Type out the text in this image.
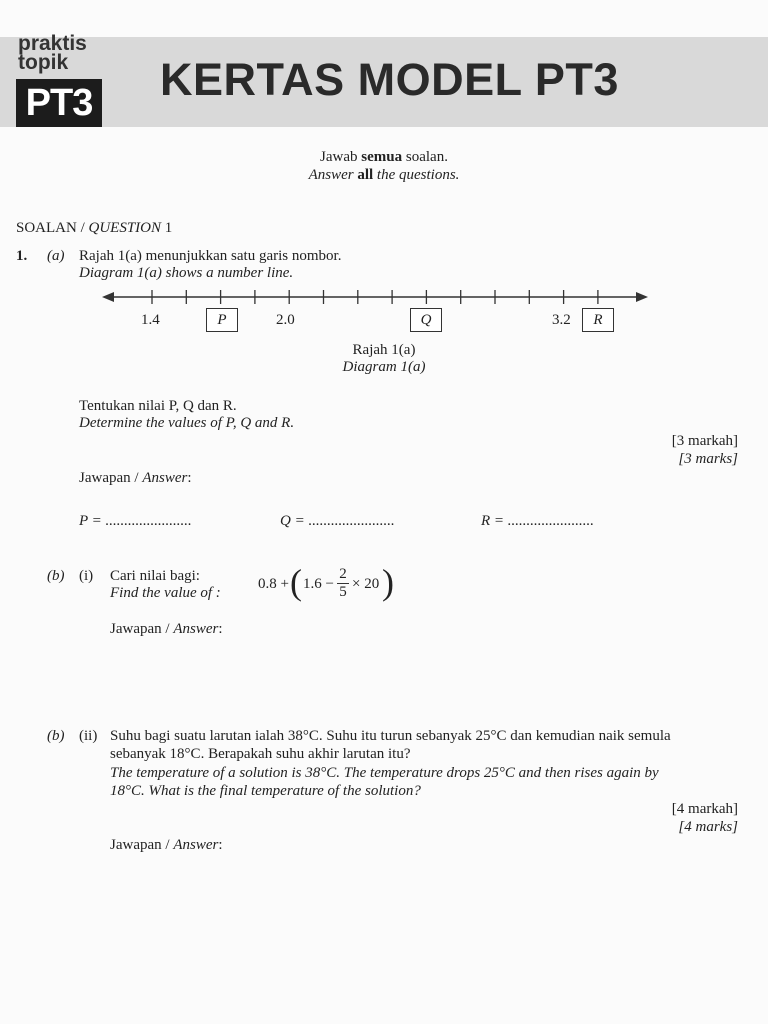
praktis
topik
PT3 KERTAS MODEL PT3
Jawab semua soalan.
Answer all the questions.
SOALAN / QUESTION 1
1. (a) Rajah 1(a) menunjukkan satu garis nombor.
Diagram 1(a) shows a number line.
1.4	P	2.0	Q	3.2	R
Rajah 1(a)
Diagram 1(a)
Tentukan nilai P, Q dan R.
Determine the values of P, Q and R.
[3 markah]
[3 marks]
Jawapan / Answer:
P = .......................	Q = .......................	R = .......................
(b) (i) Cari nilai bagi:
Find the value of :
0.8 + ( $1.6 - \frac{2}{5} \times 20$ )
Jawapan / Answer:
(b) (ii) Suhu bagi suatu larutan ialah 38°C. Suhu itu turun sebanyak 25°C dan kemudian naik semula
sebanyak 18°C. Berapakah suhu akhir larutan itu?
The temperature of a solution is 38°C. The temperature drops 25°C and then rises again by
18°C. What is the final temperature of the solution?
[4 markah]
[4 marks]
Jawapan / Answer:
